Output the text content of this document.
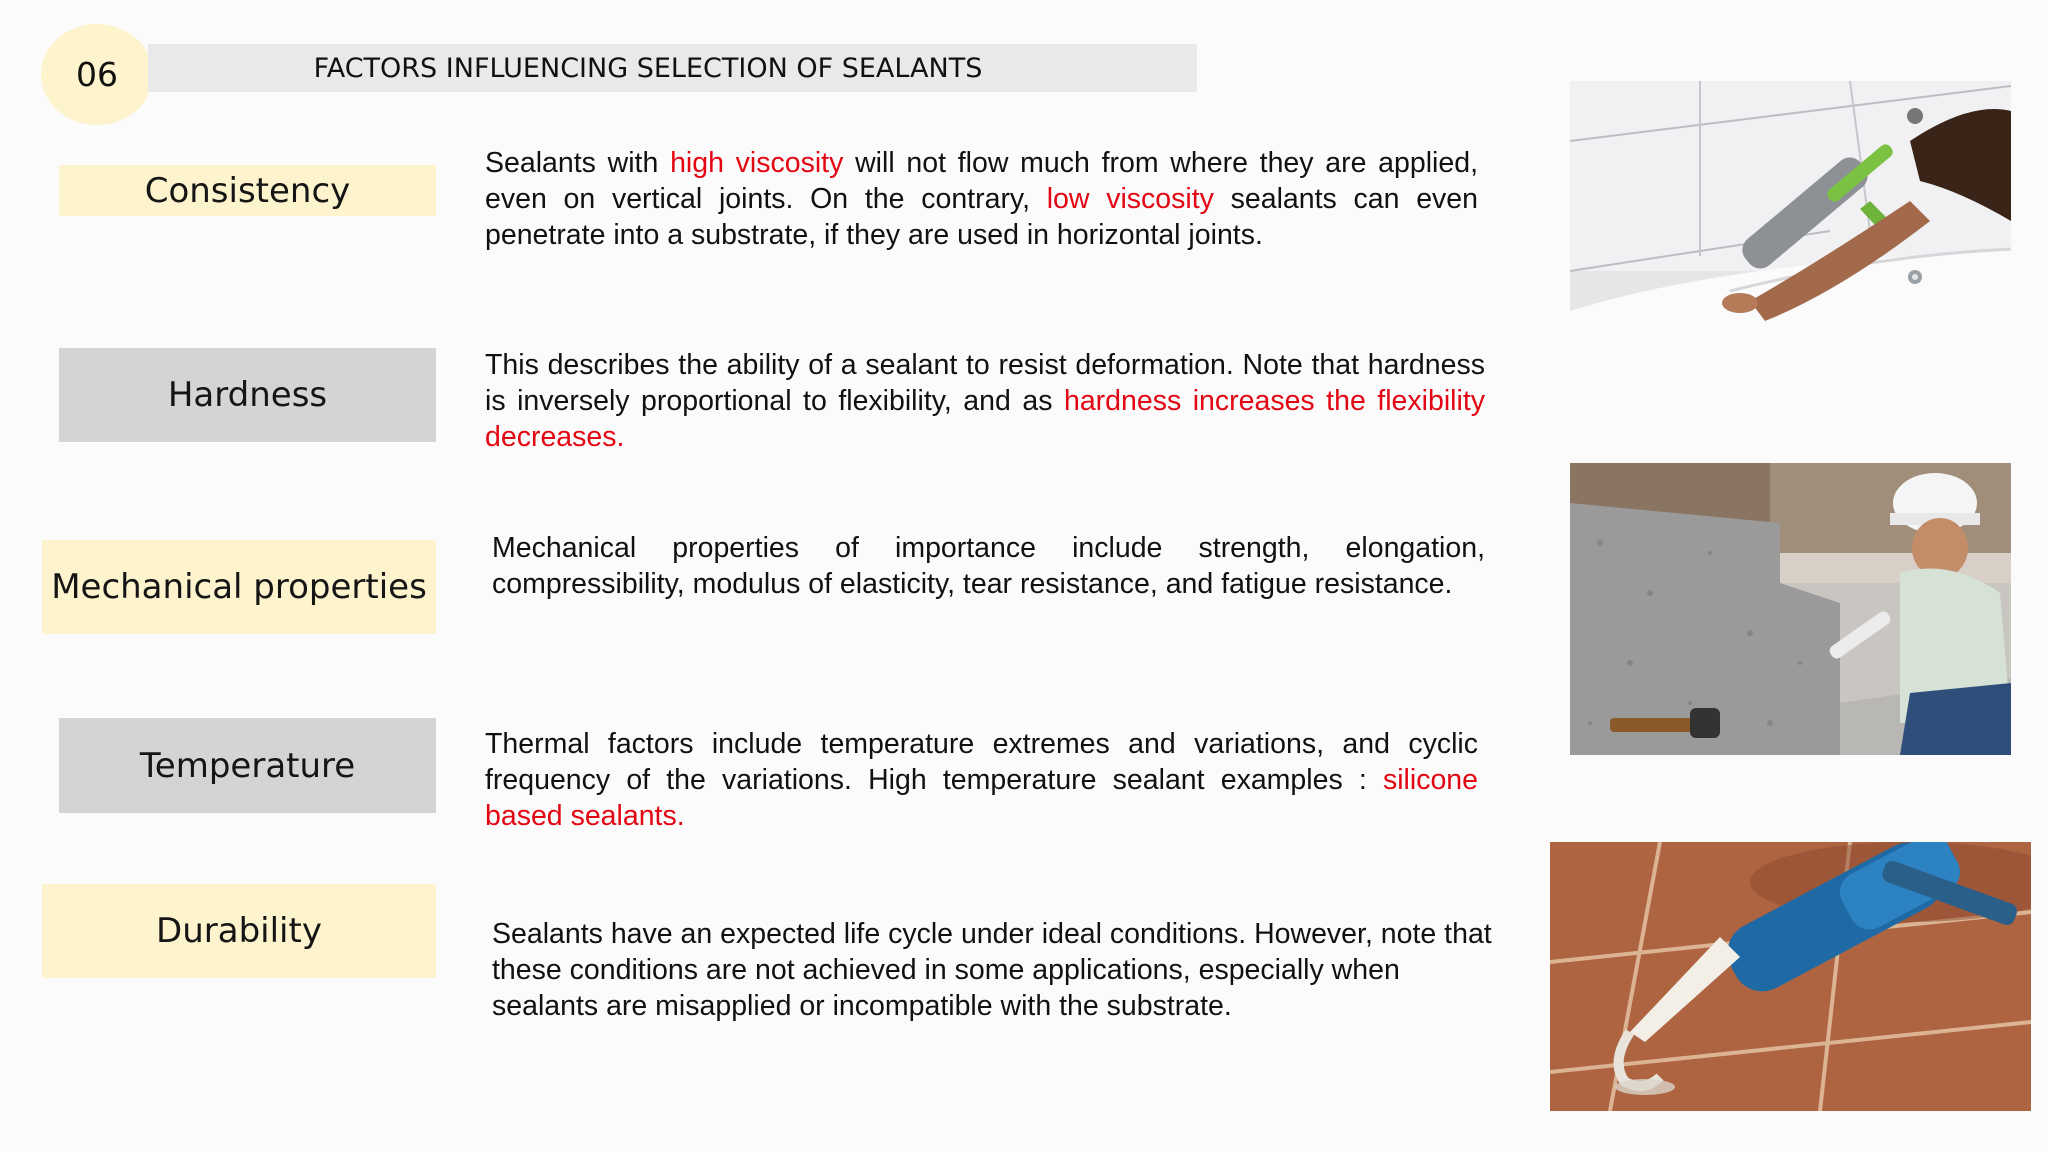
06	FACTORS INFLUENCING SELECTION OF SEALANTS
Consistency
Hardness
Mechanical properties
Temperature
Durability

Sealants with high viscosity will not flow much from where they are applied, even on vertical joints. On the contrary, low viscosity sealants can even penetrate into a substrate, if they are used in horizontal joints.

This describes the ability of a sealant to resist deformation. Note that hardness is inversely proportional to flexibility, and as hardness increases the flexibility decreases.

Mechanical properties of importance include strength, elongation, compressibility, modulus of elasticity, tear resistance, and fatigue resistance.

Thermal factors include temperature extremes and variations, and cyclic frequency of the variations. High temperature sealant examples : silicone based sealants.

Sealants have an expected life cycle under ideal conditions. However, note that these conditions are not achieved in some applications, especially when sealants are misapplied or incompatible with the substrate.
